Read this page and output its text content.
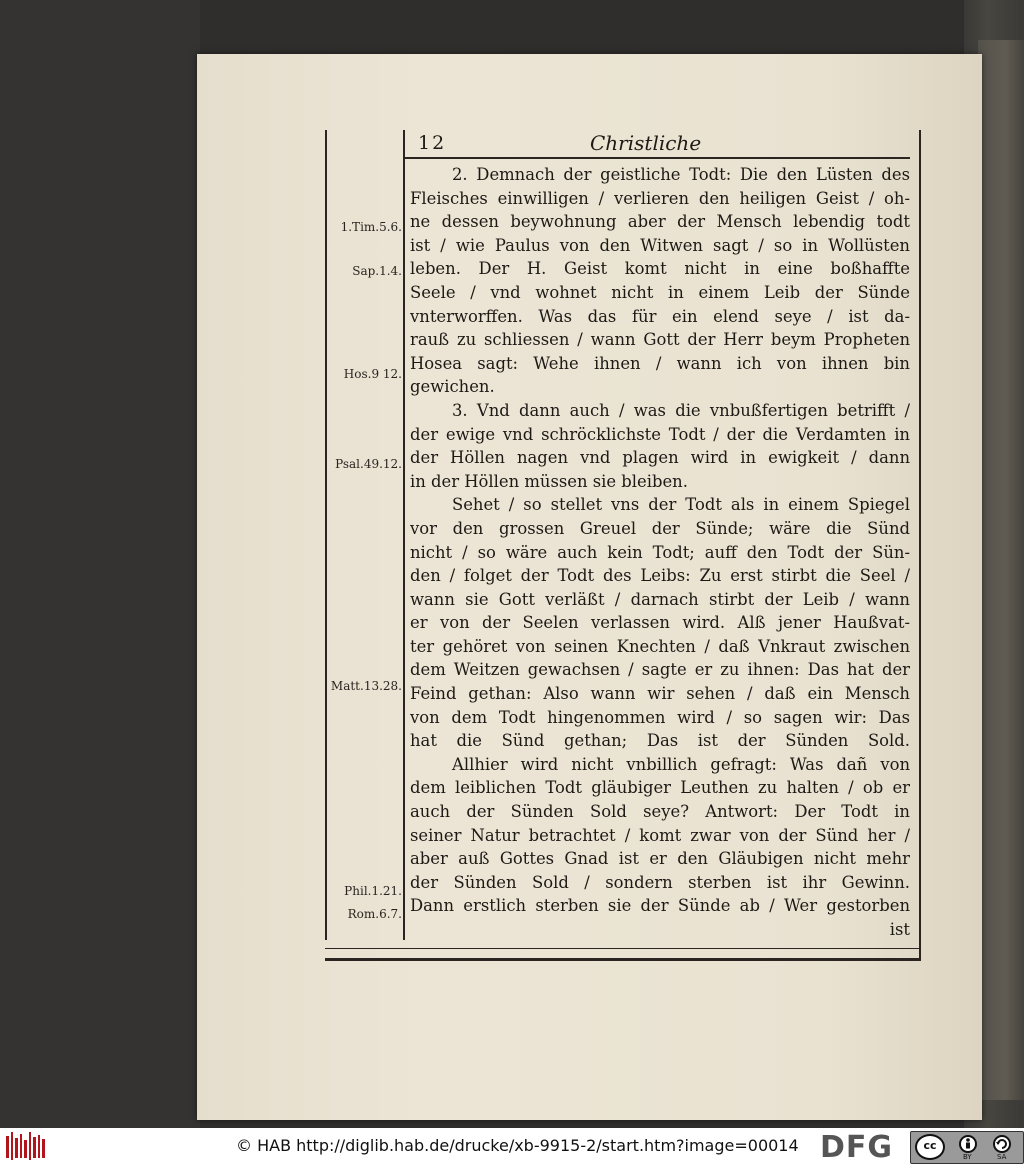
12	Christliche
2. Demnach der geistliche Todt: Die den Lüsten des
Fleisches einwilligen / verlieren den heiligen Geist / oh-
ne dessen beywohnung aber der Mensch lebendig todt
ist / wie Paulus von den Witwen sagt / so in Wollüsten
leben. Der H. Geist komt nicht in eine boßhaffte
Seele / vnd wohnet nicht in einem Leib der Sünde
vnterworffen. Was das für ein elend seye / ist da-
rauß zu schliessen / wann Gott der Herr beym Propheten
Hosea sagt: Wehe ihnen / wann ich von ihnen bin
gewichen.
3. Vnd dann auch / was die vnbußfertigen betrifft /
der ewige vnd schröcklichste Todt / der die Verdamten in
der Höllen nagen vnd plagen wird in ewigkeit / dann
in der Höllen müssen sie bleiben.
Sehet / so stellet vns der Todt als in einem Spiegel
vor den grossen Greuel der Sünde; wäre die Sünd
nicht / so wäre auch kein Todt; auff den Todt der Sün-
den / folget der Todt des Leibs: Zu erst stirbt die Seel /
wann sie Gott verläßt / darnach stirbt der Leib / wann
er von der Seelen verlassen wird. Alß jener Haußvat-
ter gehöret von seinen Knechten / daß Vnkraut zwischen
dem Weitzen gewachsen / sagte er zu ihnen: Das hat der
Feind gethan: Also wann wir sehen / daß ein Mensch
von dem Todt hingenommen wird / so sagen wir: Das
hat die Sünd gethan; Das ist der Sünden Sold.
Allhier wird nicht vnbillich gefragt: Was dañ von
dem leiblichen Todt gläubiger Leuthen zu halten / ob er
auch der Sünden Sold seye? Antwort: Der Todt in
seiner Natur betrachtet / komt zwar von der Sünd her /
aber auß Gottes Gnad ist er den Gläubigen nicht mehr
der Sünden Sold / sondern sterben ist ihr Gewinn.
Dann erstlich sterben sie der Sünde ab / Wer gestorben
ist
1.Tim.5.6.
Sap.1.4.
Hos.9 12.
Psal.49.12.
Matt.13.28.
Phil.1.21.
Rom.6.7.
© HAB http://diglib.hab.de/drucke/xb-9915-2/start.htm?image=00014 DFG	cc
BY	SA
